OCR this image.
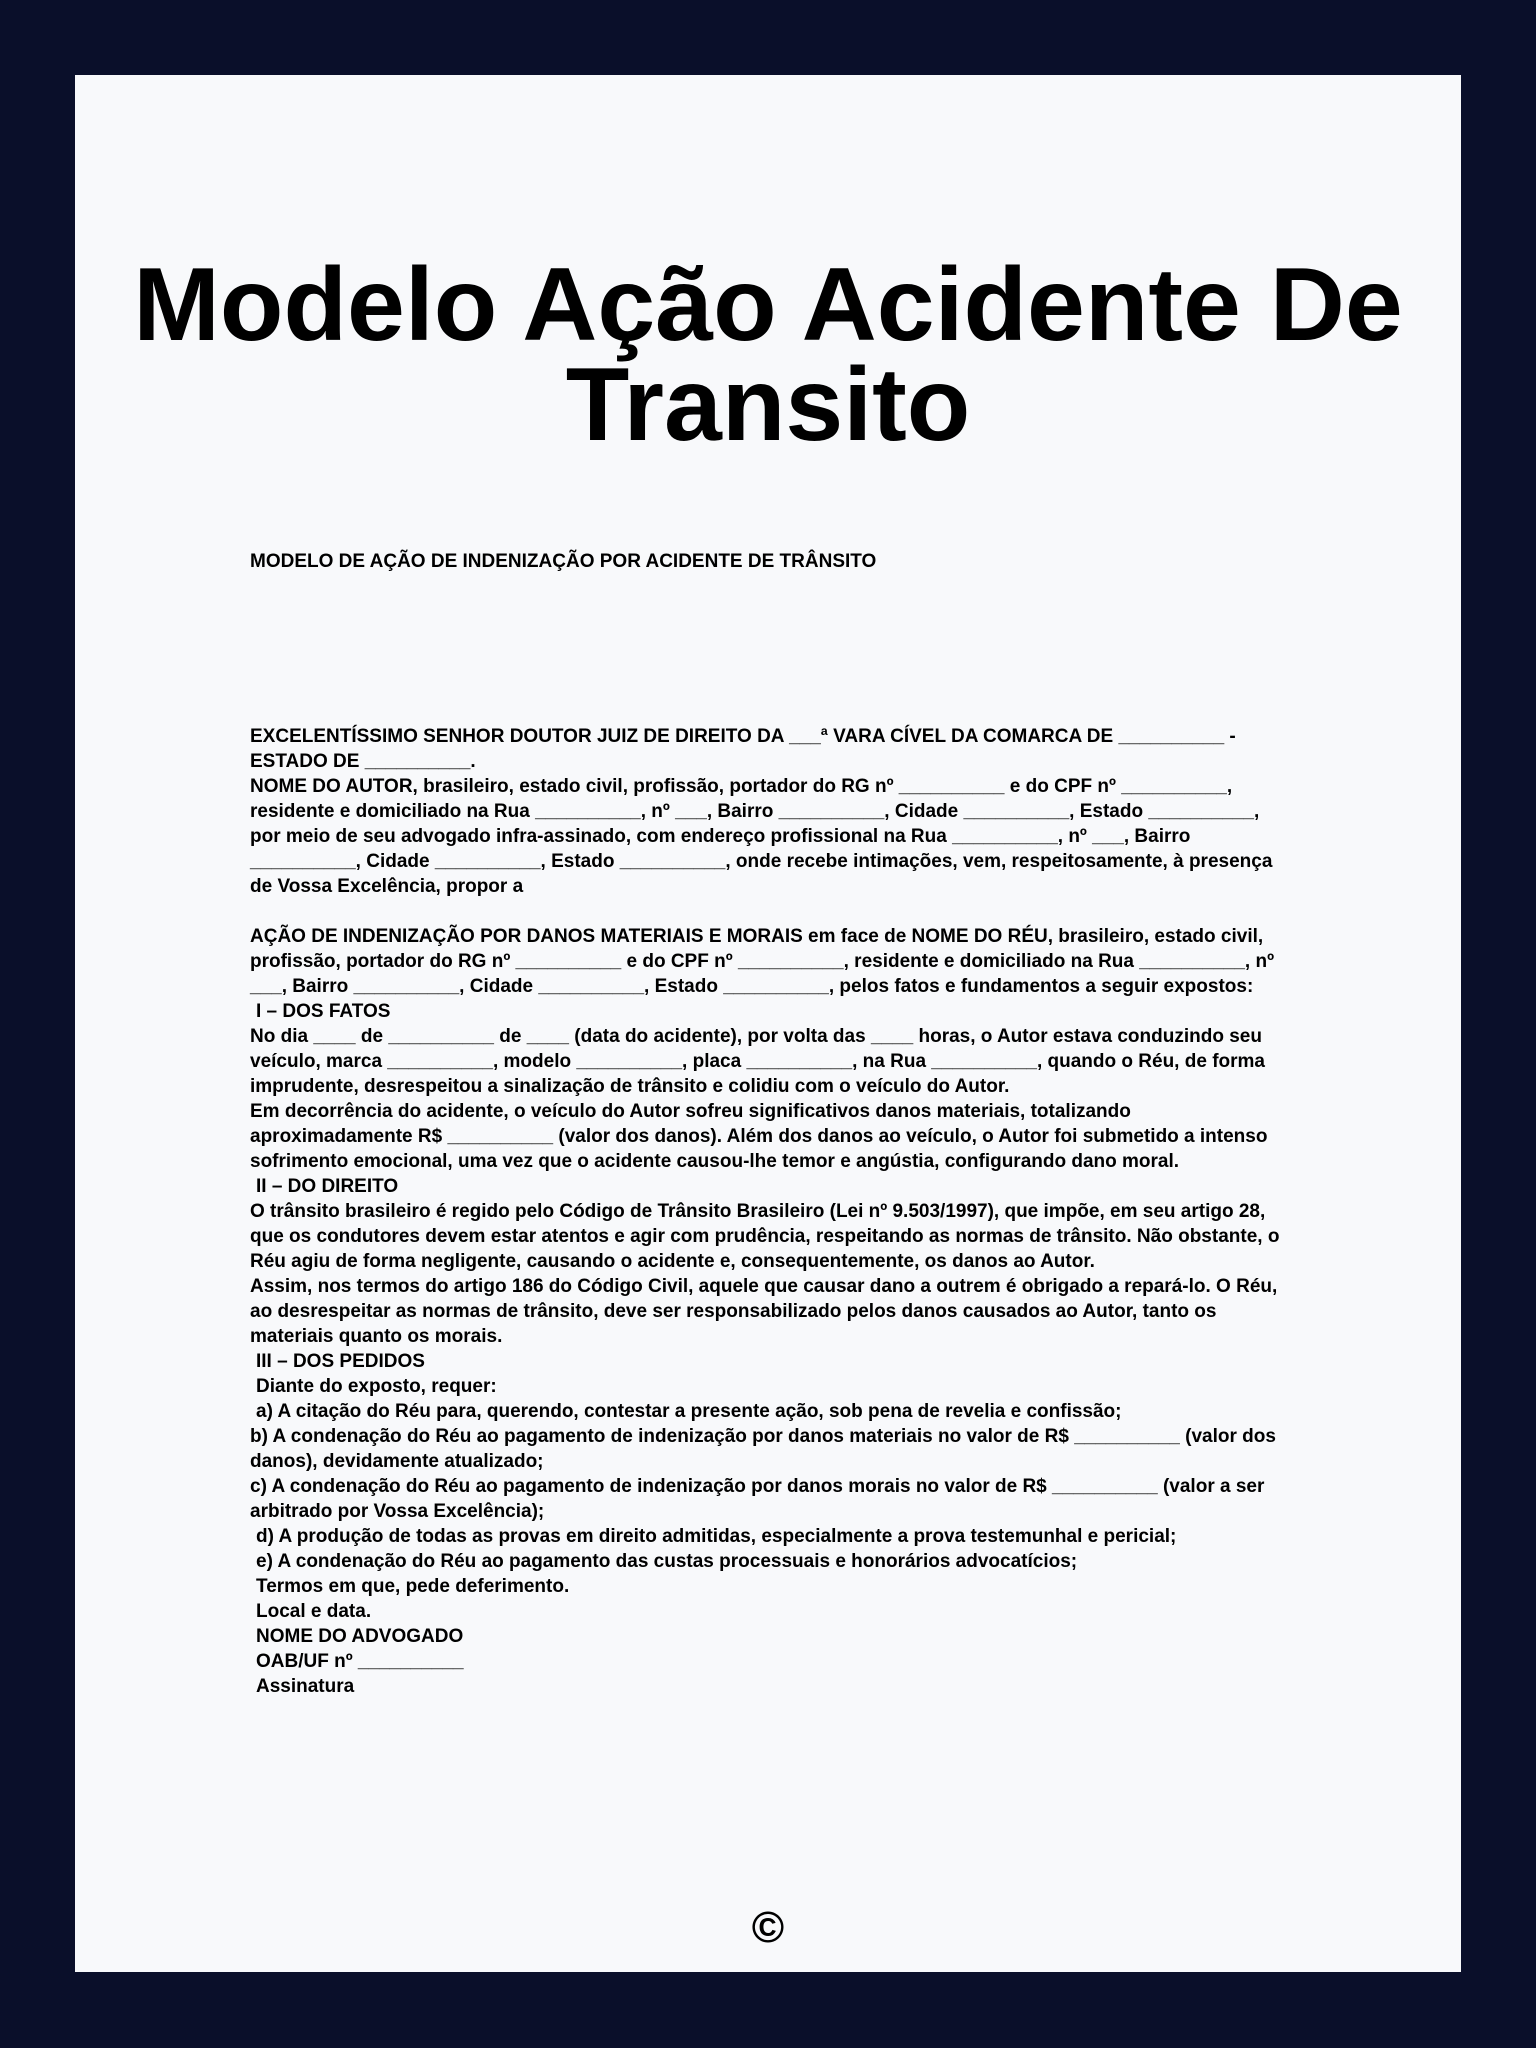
Modelo Ação Acidente De Transito
MODELO DE AÇÃO DE INDENIZAÇÃO POR ACIDENTE DE TRÂNSITO

EXCELENTÍSSIMO SENHOR DOUTOR JUIZ DE DIREITO DA ___ª VARA CÍVEL DA COMARCA DE __________ - ESTADO DE __________.

NOME DO AUTOR, brasileiro, estado civil, profissão, portador do RG nº __________ e do CPF nº __________, residente e domiciliado na Rua __________, nº ___, Bairro __________, Cidade __________, Estado __________, por meio de seu advogado infra-assinado, com endereço profissional na Rua __________, nº ___, Bairro __________, Cidade __________, Estado __________, onde recebe intimações, vem, respeitosamente, à presença de Vossa Excelência, propor a

AÇÃO DE INDENIZAÇÃO POR DANOS MATERIAIS E MORAIS em face de NOME DO RÉU, brasileiro, estado civil, profissão, portador do RG nº __________ e do CPF nº __________, residente e domiciliado na Rua __________, nº ___, Bairro __________, Cidade __________, Estado __________, pelos fatos e fundamentos a seguir expostos:

I – DOS FATOS

No dia ____ de __________ de ____ (data do acidente), por volta das ____ horas, o Autor estava conduzindo seu veículo, marca __________, modelo __________, placa __________, na Rua __________, quando o Réu, de forma imprudente, desrespeitou a sinalização de trânsito e colidiu com o veículo do Autor.

Em decorrência do acidente, o veículo do Autor sofreu significativos danos materiais, totalizando aproximadamente R$ __________ (valor dos danos). Além dos danos ao veículo, o Autor foi submetido a intenso sofrimento emocional, uma vez que o acidente causou-lhe temor e angústia, configurando dano moral.

II – DO DIREITO

O trânsito brasileiro é regido pelo Código de Trânsito Brasileiro (Lei nº 9.503/1997), que impõe, em seu artigo 28, que os condutores devem estar atentos e agir com prudência, respeitando as normas de trânsito. Não obstante, o Réu agiu de forma negligente, causando o acidente e, consequentemente, os danos ao Autor.

Assim, nos termos do artigo 186 do Código Civil, aquele que causar dano a outrem é obrigado a repará-lo. O Réu, ao desrespeitar as normas de trânsito, deve ser responsabilizado pelos danos causados ao Autor, tanto os materiais quanto os morais.

III – DOS PEDIDOS

Diante do exposto, requer:

a) A citação do Réu para, querendo, contestar a presente ação, sob pena de revelia e confissão;

b) A condenação do Réu ao pagamento de indenização por danos materiais no valor de R$ __________ (valor dos danos), devidamente atualizado;

c) A condenação do Réu ao pagamento de indenização por danos morais no valor de R$ __________ (valor a ser arbitrado por Vossa Excelência);

d) A produção de todas as provas em direito admitidas, especialmente a prova testemunhal e pericial;

e) A condenação do Réu ao pagamento das custas processuais e honorários advocatícios;

Termos em que, pede deferimento.

Local e data.

NOME DO ADVOGADO

OAB/UF nº __________

Assinatura

©
